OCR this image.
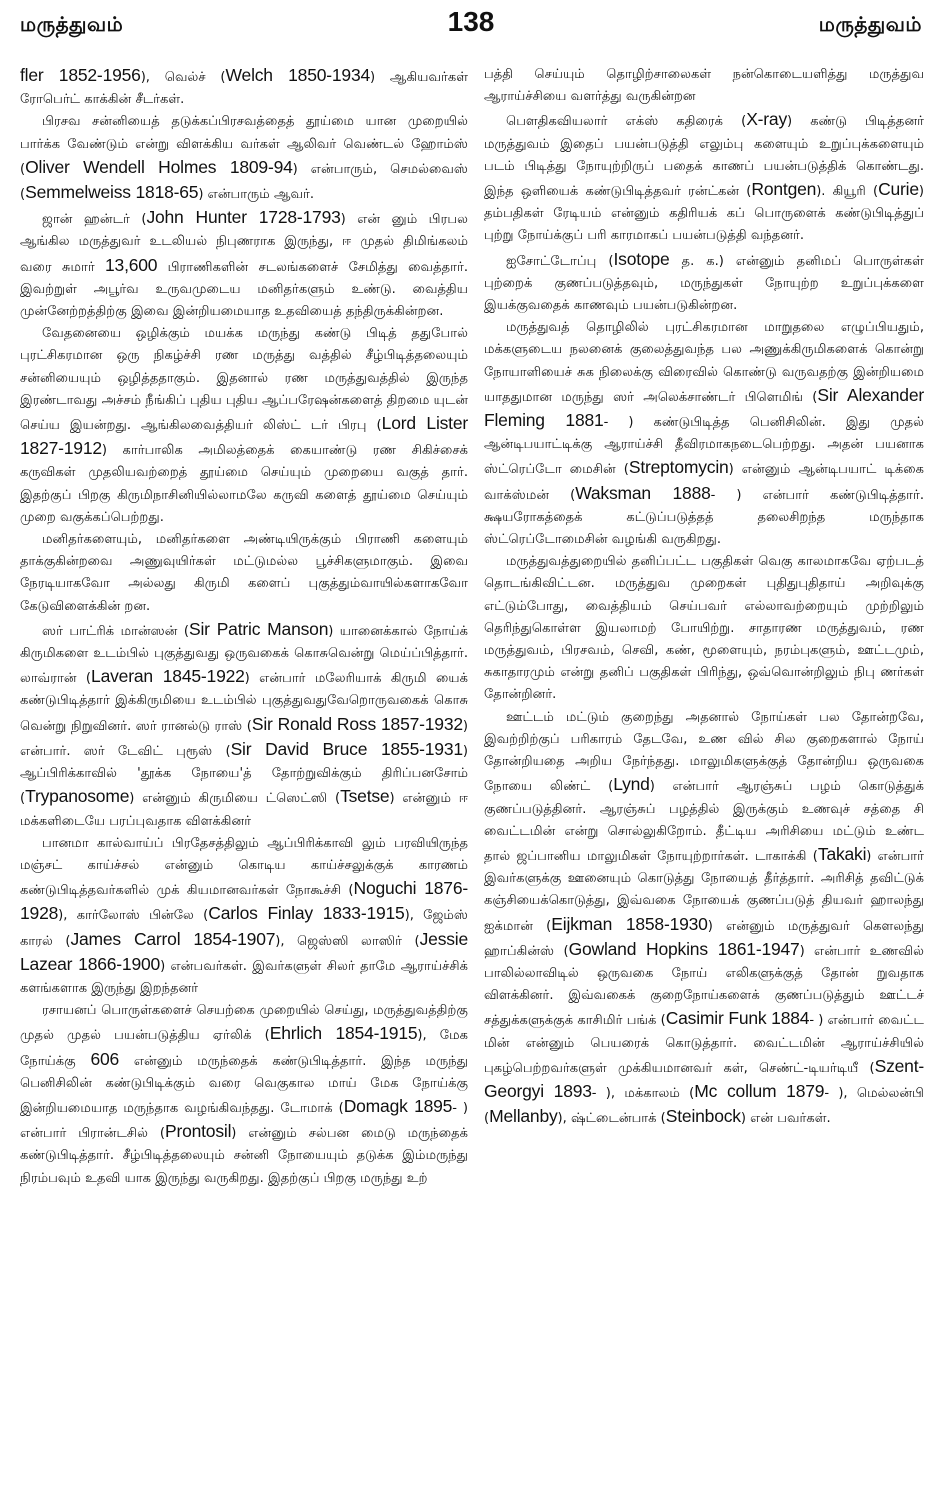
மருத்துவம்	138	மருத்துவம்

fler 1852-1956), வெல்ச் (Welch 1850-1934) ஆகியவர்கள் ரோபெர்ட் காக்கின் சீடர்கள்.

பிரசவ சன்னியைத் தடுக்கப்பிரசவத்தைத் தூய்மை யான முறையில் பார்க்க வேண்டும் என்று விளக்கிய வர்கள் ஆலிவர் வெண்டல் ஹோம்ஸ் (Oliver Wendell Holmes 1809-94) என்பாரும், செமல்வைஸ் (Semmelweiss 1818-65) என்பாரும் ஆவர்.

ஜான் ஹன்டர் (John Hunter 1728-1793) என் னும் பிரபல ஆங்கில மருத்துவர் உடலியல் நிபுணராக இருந்து, ஈ முதல் திமிங்கலம் வரை சுமார் 13,600 பிராணிகளின் சடலங்களைச் சேமித்து வைத்தார். இவற்றுள் அபூர்வ உருவமுடைய மனிதர்களும் உண்டு. வைத்திய முன்னேற்றத்திற்கு இவை இன்றியமையாத உதவியைத் தந்திருக்கின்றன.

வேதனையை ஒழிக்கும் மயக்க மருந்து கண்டு பிடித் ததுபோல் புரட்சிகரமான ஒரு நிகழ்ச்சி ரண மருத்து வத்தில் சீழ்பிடித்தலையும் சன்னியையும் ஒழித்ததாகும். இதனால் ரண மருத்துவத்தில் இருந்த இரண்டாவது அச்சம் நீங்கிப் புதிய புதிய ஆப்பரேஷன்களைத் திறமை யுடன் செய்ய இயன்றது. ஆங்கிலவைத்தியர் லிஸ்ட் டர் பிரபு (Lord Lister 1827-1912) கார்பாலிக அமிலத்தைக் கையாண்டு ரண சிகிச்சைக் கருவிகள் முதலியவற்றைத் தூய்மை செய்யும் முறையை வகுத் தார். இதற்குப் பிறகு கிருமிநாசினியில்லாமலே கருவி களைத் தூய்மை செய்யும் முறை வகுக்கப்பெற்றது.

மனிதர்களையும், மனிதர்களை அண்டியிருக்கும் பிராணி களையும் தாக்குகின்றவை அணுவுயிர்கள் மட்டுமல்ல பூச்சிகளுமாகும். இவை நேரடியாகவோ அல்லது கிருமி களைப் புகுத்தும்வாயில்களாகவோ கேடுவிளைக்கின் றன.

ஸர் பாட்ரிக் மான்ஸன் (Sir Patric Manson) யானைக்கால் நோய்க் கிருமிகளை உடம்பில் புகுத்துவது ஒருவகைக் கொசுவென்று மெய்ப்பித்தார். லாவ்ரான் (Laveran 1845-1922) என்பார் மலேரியாக் கிருமி யைக் கண்டுபிடித்தார் இக்கிருமியை உடம்பில் புகுத்துவதுவேறொருவகைக் கொசு வென்று நிறுவினர். ஸர் ரானல்டு ராஸ் (Sir Ronald Ross 1857-1932) என்பார். ஸர் டேவிட் புரூஸ் (Sir David Bruce 1855-1931) ஆப்பிரிக்காவில் 'தூக்க நோயை'த் தோற்றுவிக்கும் திரிப்பனசோம் (Trypanosome) என்னும் கிருமியை ட்ஸெட்ஸி (Tsetse) என்னும் ஈ மக்களிடையே பரப்புவதாக விளக்கினர்

பானமா கால்வாய்ப் பிரதேசத்திலும் ஆப்பிரிக்காவி லும் பரவியிருந்த மஞ்சட் காய்ச்சல் என்னும் கொடிய காய்ச்சலுக்குக் காரணம் கண்டுபிடித்தவர்களில் முக் கியமானவர்கள் நோகூச்சி (Noguchi 1876-1928), கார்லோஸ் பின்லே (Carlos Finlay 1833-1915), ஜேம்ஸ் காரல் (James Carrol 1854-1907), ஜெஸ்ஸி லாஸிர் (Jessie Lazear 1866-1900) என்பவர்கள். இவர்களுள் சிலர் தாமே ஆராய்ச்சிக் களங்களாக இருந்து இறந்தனர்

ரசாயனப் பொருள்களைச் செயற்கை முறையில் செய்து, மருத்துவத்திற்கு முதல் முதல் பயன்படுத்திய ஏர்லிக் (Ehrlich 1854-1915), மேக நோய்க்கு 606 என்னும் மருந்தைக் கண்டுபிடித்தார். இந்த மருந்து பெனிசிலின் கண்டுபிடிக்கும் வரை வெகுகால மாய் மேக நோய்க்கு இன்றியமையாத மருந்தாக வழங்கிவந்தது. டோமாக் (Domagk 1895- ) என்பார் பிரான்டசில் (Prontosil) என்னும் சல்பன மைடு மருந்தைக் கண்டுபிடித்தார். சீழ்பிடித்தலையும் சன்னி நோயையும் தடுக்க இம்மருந்து நிரம்பவும் உதவி யாக இருந்து வருகிறது. இதற்குப் பிறகு மருந்து உற்

பத்தி செய்யும் தொழிற்சாலைகள் நன்கொடையளித்து மருத்துவ ஆராய்ச்சியை வளர்த்து வருகின்றன

பௌதிகவியலார் எக்ஸ் கதிரைக் (X-ray) கண்டு பிடித்தனர் மருத்துவம் இதைப் பயன்படுத்தி எலும்பு களையும் உறுப்புக்களையும் படம் பிடித்து நோயுற்றிருப் பதைக் காணப் பயன்படுத்திக் கொண்டது. இந்த ஒளியைக் கண்டுபிடித்தவர் ரன்ட்கன் (Rontgen). கியூரி (Curie) தம்பதிகள் ரேடியம் என்னும் கதிரியக் கப் பொருளைக் கண்டுபிடித்துப் புற்று நோய்க்குப் பரி காரமாகப் பயன்படுத்தி வந்தனர்.

ஐசோட்டோப்பு (Isotope த. க.) என்னும் தனிமப் பொருள்கள் புற்றைக் குணப்படுத்தவும், மருந்துகள் நோயுற்ற உறுப்புக்களை இயக்குவதைக் காணவும் பயன்படுகின்றன.

மருத்துவத் தொழிலில் புரட்சிகரமான மாறுதலை எழுப்பியதும், மக்களுடைய நலனைக் குலைத்துவந்த பல அணுக்கிருமிகளைக் கொன்று நோயாளியைச் சுக நிலைக்கு விரைவில் கொண்டு வருவதற்கு இன்றியமை யாததுமான மருந்து ஸர் அலெக்சாண்டர் பிளெமிங் (Sir Alexander Fleming 1881- ) கண்டுபிடித்த பெனிசிலின். இது முதல் ஆன்டிபயாட்டிக்கு ஆராய்ச்சி தீவிரமாகநடைபெற்றது. அதன் பயனாக ஸ்ட்ரெப்டோ மைசின் (Streptomycin) என்னும் ஆன்டிபயாட் டிக்கை வாக்ஸ்மன் (Waksman 1888- ) என்பார் கண்டுபிடித்தார். க்ஷயரோகத்தைக் கட்டுப்படுத்தத் தலைசிறந்த மருந்தாக ஸ்ட்ரெப்டோமைசின் வழங்கி வருகிறது.

மருத்துவத்துறையில் தனிப்பட்ட பகுதிகள் வெகு காலமாகவே ஏற்படத் தொடங்கிவிட்டன. மருத்துவ முறைகள் புதிதுபுதிதாய் அறிவுக்கு எட்டும்போது, வைத்தியம் செய்பவர் எல்லாவற்றையும் முற்றிலும் தெரிந்துகொள்ள இயலாமற் போயிற்று. சாதாரண மருத்துவம், ரண மருத்துவம், பிரசவம், செவி, கண், மூளையும், நரம்புகளும், ஊட்டமும், சுகாதாரமும் என்று தனிப் பகுதிகள் பிரிந்து, ஒவ்வொன்றிலும் நிபு ணர்கள் தோன்றினர்.

ஊட்டம் மட்டும் குறைந்து அதனால் நோய்கள் பல தோன்றவே, இவற்றிற்குப் பரிகாரம் தேடவே, உண வில் சில குறைகளால் நோய் தோன்றியதை அறிய நேர்ந்தது. மாலுமிகளுக்குத் தோன்றிய ஒருவகை நோயை லிண்ட் (Lynd) என்பார் ஆரஞ்சுப் பழம் கொடுத்துக் குணப்படுத்தினர். ஆரஞ்சுப் பழத்தில் இருக்கும் உணவுச் சத்தை சி வைட்டமின் என்று சொல்லுகிறோம். தீட்டிய அரிசியை மட்டும் உண்ட தால் ஜப்பானிய மாலுமிகள் நோயுற்றார்கள். டாகாக்கி (Takaki) என்பார் இவர்களுக்கு ஊனையும் கொடுத்து நோயைத் தீர்த்தார். அரிசித் தவிட்டுக் கஞ்சியைக்கொடுத்து, இவ்வகை நோயைக் குணப்படுத் தியவர் ஹாலந்து ஐக்மான் (Eijkman 1858-1930) என்னும் மருத்துவர் கௌலந்து ஹாப்கின்ஸ் (Gowland Hopkins 1861-1947) என்பார் உணவில் பாலில்லாவிடில் ஒருவகை நோய் எலிகளுக்குத் தோன் றுவதாக விளக்கினர். இவ்வகைக் குறைநோய்களைக் குணப்படுத்தும் ஊட்டச் சத்துக்களுக்குக் காசிமிர் பங்க் (Casimir Funk 1884- ) என்பார் வைட்ட மின் என்னும் பெயரைக் கொடுத்தார். வைட்டமின் ஆராய்ச்சியில் புகழ்பெற்றவர்களுள் முக்கியமானவர் கள், செண்ட்-டியர்டியீ (Szent-Georgyi 1893- ), மக்காலம் (Mc collum 1879- ), மெல்லன்பி (Mellanby), ஷ்ட்டைன்பாக் (Steinbock) என் பவர்கள்.
